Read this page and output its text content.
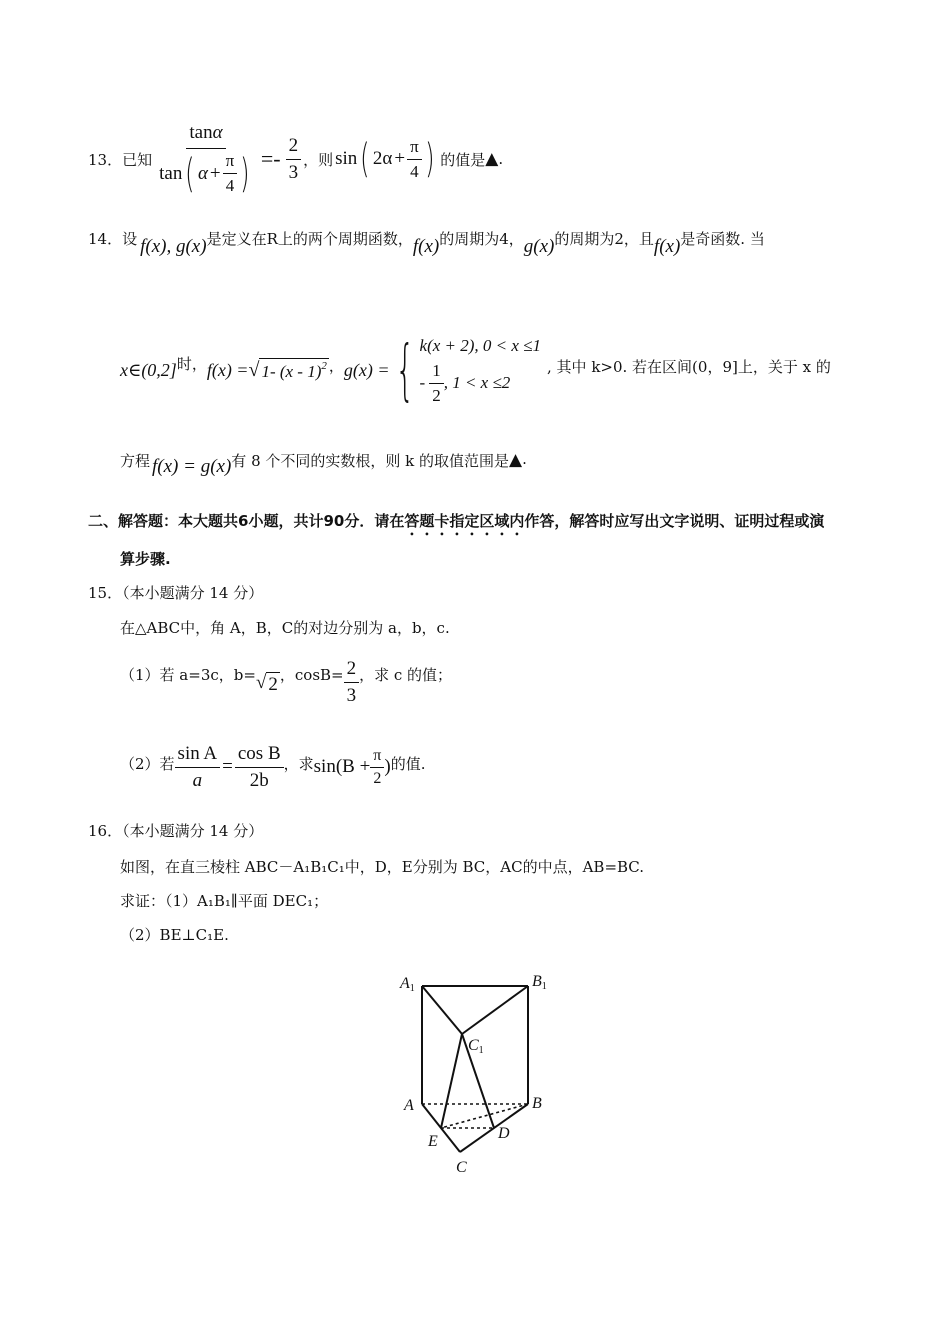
13． 已知
tanα
tan ( $\alpha + \frac{\pi}{4}$ ) =- $\frac{2}{3}$ ，则 sin ( $2\alpha + \frac{\pi}{4}$ ) 的值是 ▲ .
14．设 f(x), g(x) 是定义在R上的两个周期函数， f(x) 的周期为4， g(x) 的周期为2，且 f(x) 是奇函数. 当
x∈(0,2] 时， f(x) = √ 1- (x - 1)$^2$ ， g(x) = { k(x + 2), 0 < x ≤1
- $\frac{1}{2}$ , 1 < x ≤2
, 其中 k>0. 若在区间(0，9]上，关于 x 的
方程 f(x) = g(x) 有 8 个不同的实数根，则 k 的取值范围是 ▲ .
二、解答题：本大题共6小题，共计90分．请在答题卡指定区域内作答，解答时应写出文字说明、证明过程或演
算步骤.
15．（本小题满分 14 分）
在△ABC中，角 A，B，C的对边分别为 a，b，c.
（1）若 a=3c，b= √ 2 ，$\cos B= \frac{2}{3}$ ，求 c 的值；
（2）若 $\frac{\text{sin A}}{a} = \frac{\text{cos B}}{2b}$ ，求 $\sin(B + \frac{\pi}{2}$ ) 的值.
16．（本小题满分 14 分）
如图，在直三棱柱 ABC－A₁B₁C₁中，D，E分别为 BC，AC的中点，AB=BC.
求证：（1）A₁B₁∥平面 DEC₁；
（2）BE⊥C₁E.
A1	B1
C1
A	B
C
D
E
